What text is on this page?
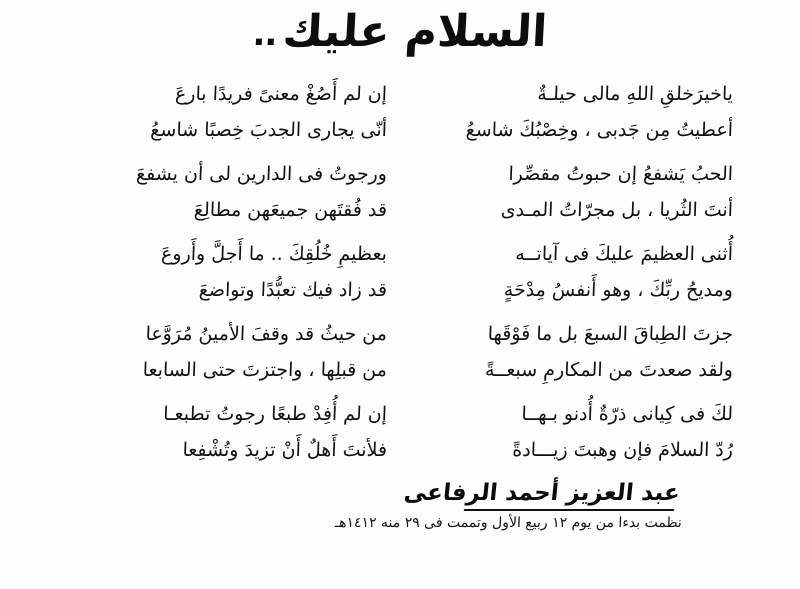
السلام عليك..
ياخيرَخلقِ اللهِ مالى حيلـةٌ
أعطيتُ مِن جَدبى ، وخِصْبُكَ شاسعُ
الحبُ يَشفعُ إن حبوتُ مقصِّرا
أنتَ الثُريا ، بل مجرّاتُ المـدى
أُثنى العظيمَ عليكَ فى آياتــه
ومديحُ ربِّكَ ، وهو أَنفسُ مِدْحَةٍ
جزتَ الطِباقَ السبعَ بل ما فَوْقَها
ولقد صعدتَ من المكارمِ سبعــةً
لكَ فى كِيانى ذرّةٌ أُدنو بـهــا
رُدّ السلامَ فإن وهبتَ زيـــادةً
إن لم أَصُغْ معنىً فريدًا بارعَ
أنّى يجارى الجدبَ خِصبًا شاسعُ
ورجوتُ فى الدارين لى أن يشفعَ
قد فُقتَهن جميعَهن مطالِعَ
بعظيمِ خُلُقِكَ .. ما أَجلَّ وأَروعَ
قد زاد فيك تعبُّدًا وتواضعَ
من حيثُ قد وقفَ الأمينُ مُرَوَّعا
من قبلِها ، واجتزتَ حتى السابعا
إن لم أُفِدْ طبعًا رجوتُ تطبعـا
فلأنتَ أَهلٌ أَنْ تزيدَ وتُشْفِعا
عبد العزيز أحمد الرفاعى
نظمت بدءا من يوم ١٢ ربيع الأول وتممت فى ٢٩ منه ١٤١٢هـ
